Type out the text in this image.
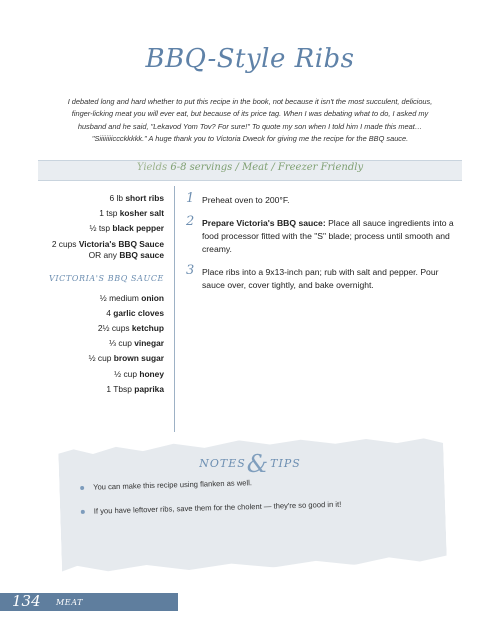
BBQ-Style Ribs
I debated long and hard whether to put this recipe in the book, not because it isn't the most succulent, delicious, finger-licking meat you will ever eat, but because of its price tag. When I was debating what to do, I asked my husband and he said, "Lekavod Yom Tov? For sure!" To quote my son when I told him I made this meat… "Siiiiiiiiccckkkkk." A huge thank you to Victoria Dweck for giving me the recipe for the BBQ sauce.
Yields 6-8 servings / Meat / Freezer Friendly
6 lb short ribs
1 tsp kosher salt
½ tsp black pepper
2 cups Victoria's BBQ Sauce
OR any BBQ sauce
VICTORIA'S BBQ SAUCE
½ medium onion
4 garlic cloves
2½ cups ketchup
⅓ cup vinegar
½ cup brown sugar
½ cup honey
1 Tbsp paprika
1 Preheat oven to 200°F.
2 Prepare Victoria's BBQ sauce: Place all sauce ingredients into a food processor fitted with the "S" blade; process until smooth and creamy.
3 Place ribs into a 9x13-inch pan; rub with salt and pepper. Pour sauce over, cover tightly, and bake overnight.
NOTES&TIPS
You can make this recipe using flanken as well.
If you have leftover ribs, save them for the cholent — they're so good in it!
134 MEAT
